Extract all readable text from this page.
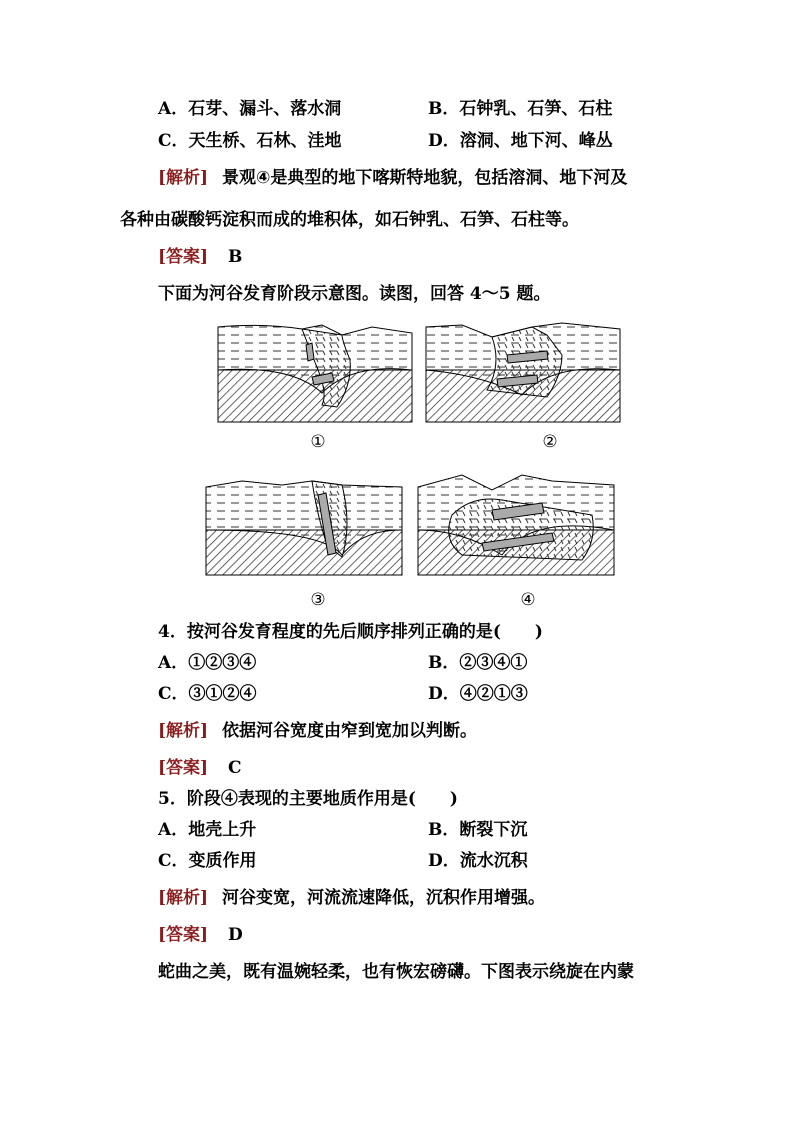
A．石芽、漏斗、落水洞	B．石钟乳、石笋、石柱
C．天生桥、石林、洼地	D．溶洞、地下河、峰丛
[解析] 景观④是典型的地下喀斯特地貌，包括溶洞、地下河及
各种由碳酸钙淀积而成的堆积体，如石钟乳、石笋、石柱等。
[答案] B
下面为河谷发育阶段示意图。读图，回答 4～5 题。
①	②
③	④
4．按河谷发育程度的先后顺序排列正确的是(　　)
A．①②③④	B．②③④①
C．③①②④	D．④②①③
[解析] 依据河谷宽度由窄到宽加以判断。
[答案] C
5．阶段④表现的主要地质作用是(　　)
A．地壳上升	B．断裂下沉
C．变质作用	D．流水沉积
[解析] 河谷变宽，河流流速降低，沉积作用增强。
[答案] D
蛇曲之美，既有温婉轻柔，也有恢宏磅礴。下图表示绕旋在内蒙
